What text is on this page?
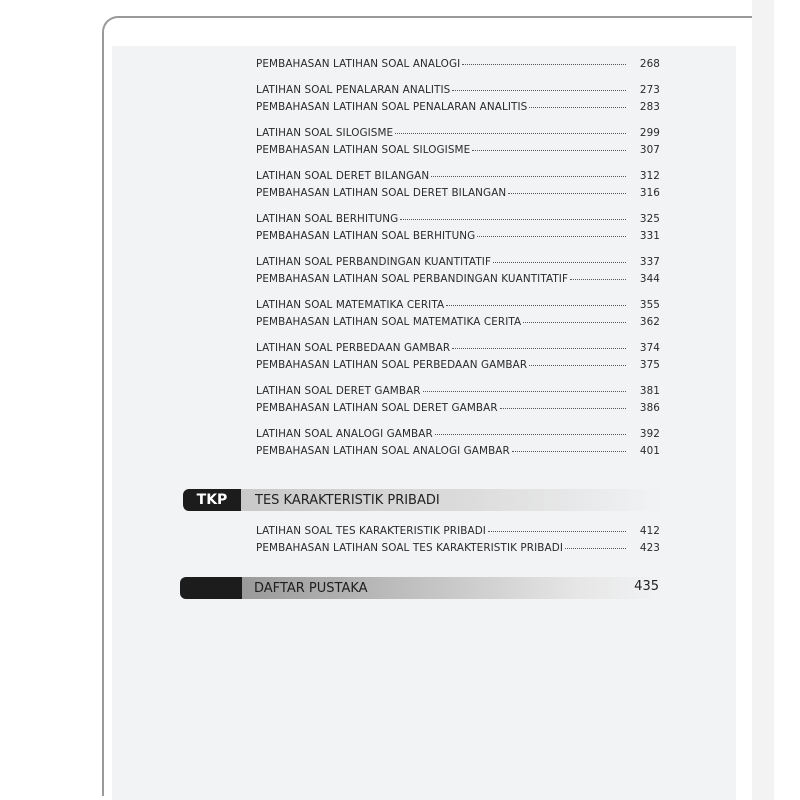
PEMBAHASAN LATIHAN SOAL ANALOGI	268
LATIHAN SOAL PENALARAN ANALITIS	273
PEMBAHASAN LATIHAN SOAL PENALARAN ANALITIS	283
LATIHAN SOAL SILOGISME	299
PEMBAHASAN LATIHAN SOAL SILOGISME	307
LATIHAN SOAL DERET BILANGAN	312
PEMBAHASAN LATIHAN SOAL DERET BILANGAN	316
LATIHAN SOAL BERHITUNG	325
PEMBAHASAN LATIHAN SOAL BERHITUNG	331
LATIHAN SOAL PERBANDINGAN KUANTITATIF	337
PEMBAHASAN LATIHAN SOAL PERBANDINGAN KUANTITATIF	344
LATIHAN SOAL MATEMATIKA CERITA	355
PEMBAHASAN LATIHAN SOAL MATEMATIKA CERITA	362
LATIHAN SOAL PERBEDAAN GAMBAR	374
PEMBAHASAN LATIHAN SOAL PERBEDAAN GAMBAR	375
LATIHAN SOAL DERET GAMBAR	381
PEMBAHASAN LATIHAN SOAL DERET GAMBAR	386
LATIHAN SOAL ANALOGI GAMBAR	392
PEMBAHASAN LATIHAN SOAL ANALOGI GAMBAR	401
TKP	TES KARAKTERISTIK PRIBADI
LATIHAN SOAL TES KARAKTERISTIK PRIBADI	412
PEMBAHASAN LATIHAN SOAL TES KARAKTERISTIK PRIBADI	423
DAFTAR PUSTAKA	435
